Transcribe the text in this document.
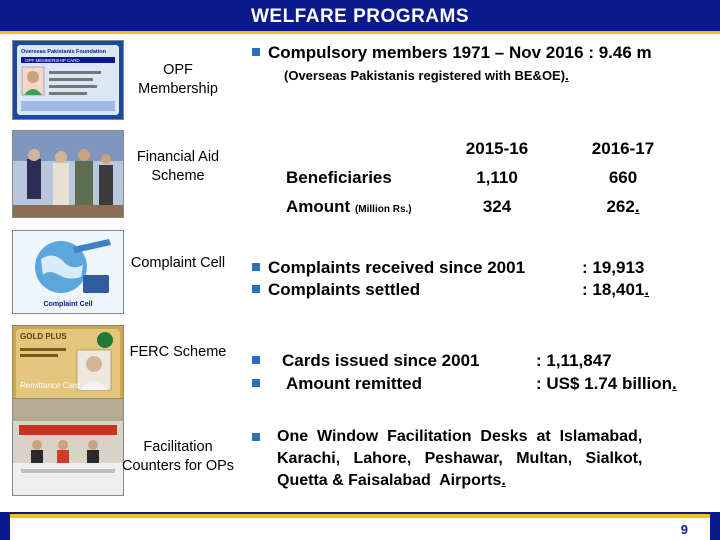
WELFARE PROGRAMS
Overseas Pakistanis Foundation
OPF MEMBERSHIP CARD
OPF Membership
Compulsory members 1971 – Nov 2016 : 9.46 m
(Overseas Pakistanis registered with BE&OE).
Financial Aid Scheme
	2015-16	2016-17
Beneficiaries	1,110	660
Amount (Million Rs.)	324	262.
Complaint Cell
Complaint Cell	Complaints received since 2001	: 19,913
Complaints settled	: 18,401.
GOLD PLUS
Remittance Card
FERC Scheme	Cards issued since 2001	: 1,11,847
Amount remitted	: US$ 1.74 billion.
Facilitation Counters for OPs
One  Window  Facilitation  Desks  at  Islamabad,
Karachi,   Lahore,   Peshawar,   Multan,   Sialkot,
Quetta & Faisalabad  Airports.
9
